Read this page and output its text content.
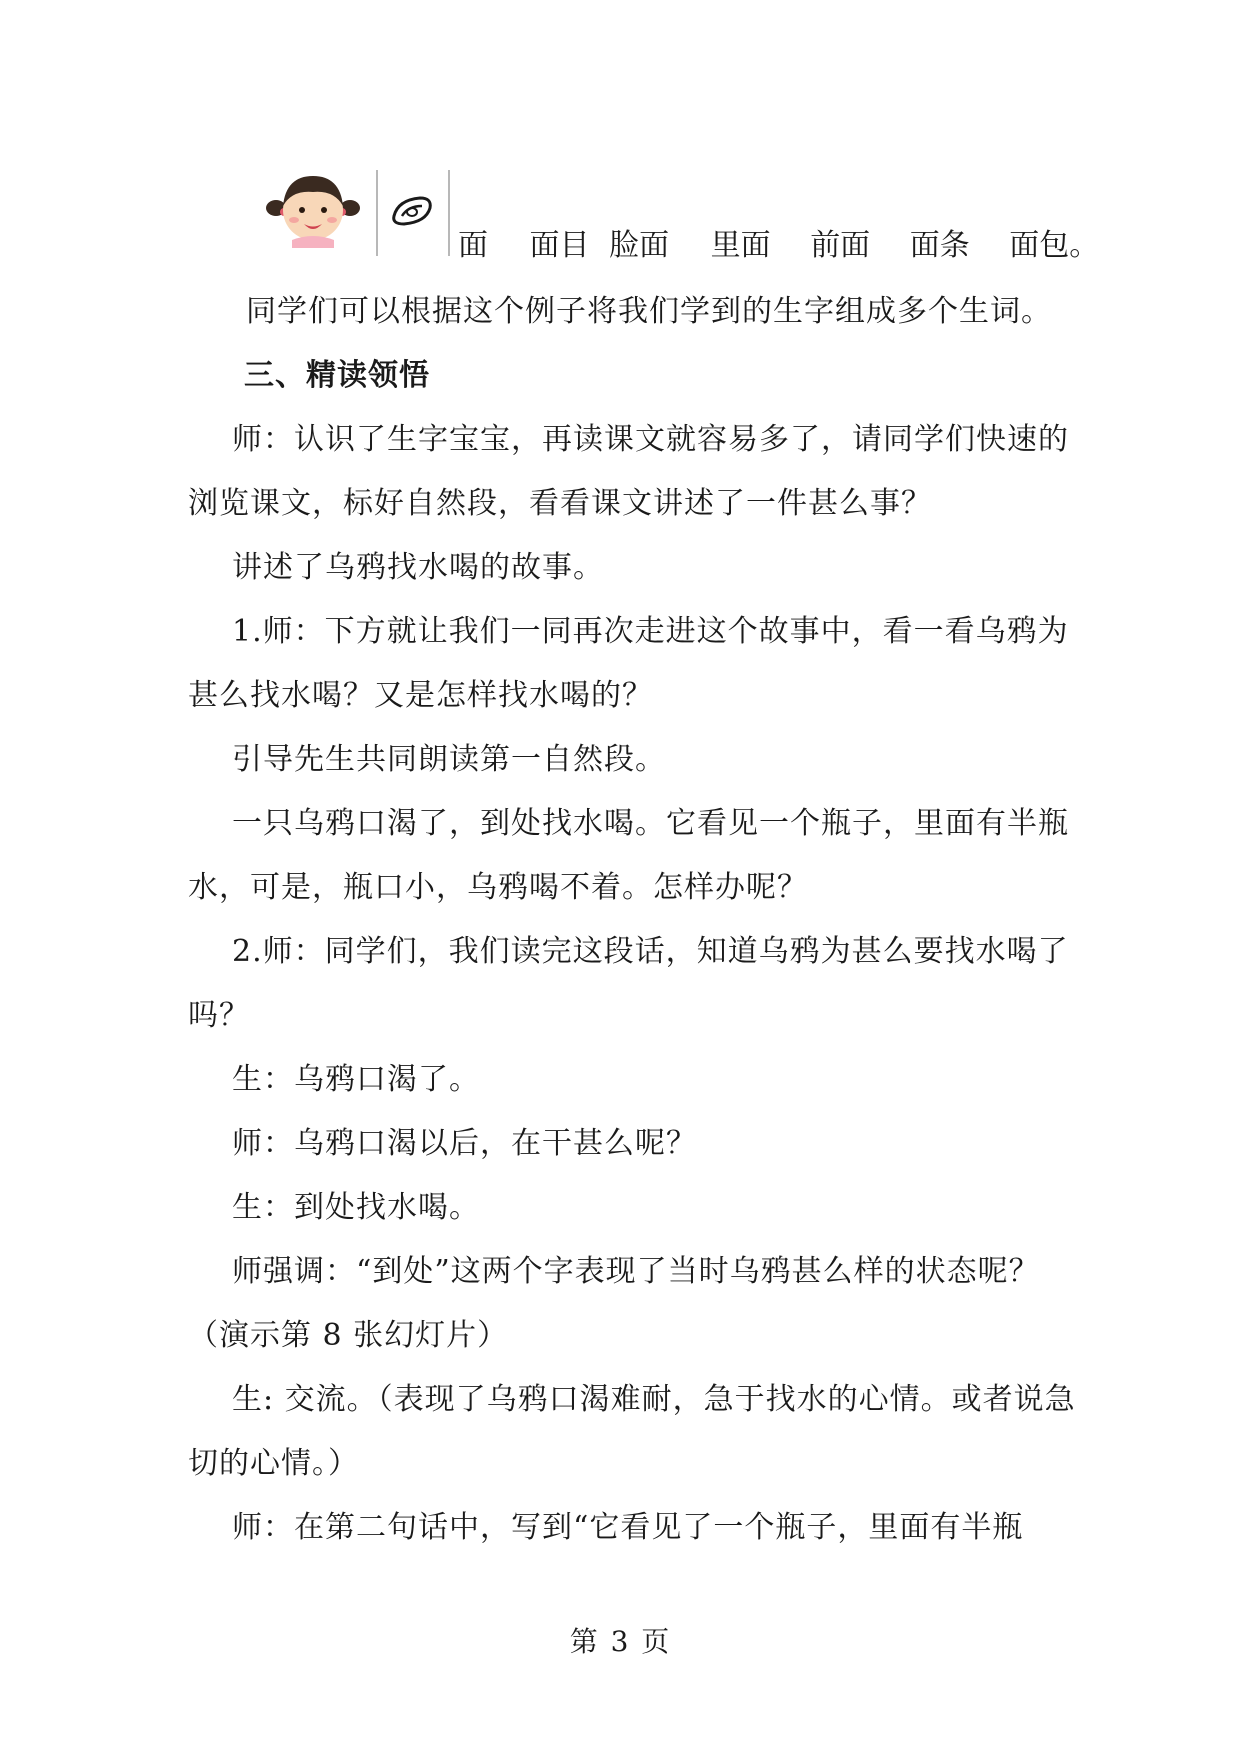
面 面目 脸面 里面 前面 面条 面包。
同学们可以根据这个例子将我们学到的生字组成多个生词。
三、精读领悟
师：认识了生字宝宝，再读课文就容易多了，请同学们快速的
浏览课文，标好自然段，看看课文讲述了一件甚么事？
讲述了乌鸦找水喝的故事。
1.师：下方就让我们一同再次走进这个故事中，看一看乌鸦为
甚么找水喝？又是怎样找水喝的？
引导先生共同朗读第一自然段。
一只乌鸦口渴了，到处找水喝。它看见一个瓶子，里面有半瓶
水，可是，瓶口小，乌鸦喝不着。怎样办呢？
2.师：同学们，我们读完这段话，知道乌鸦为甚么要找水喝了
吗？
生：乌鸦口渴了。
师：乌鸦口渴以后，在干甚么呢？
生：到处找水喝。
师强调：“到处”这两个字表现了当时乌鸦甚么样的状态呢？
（演示第 8 张幻灯片）
生: 交流。（表现了乌鸦口渴难耐，急于找水的心情。或者说急
切的心情。）
师：在第二句话中，写到“它看见了一个瓶子，里面有半瓶
第 3 页
